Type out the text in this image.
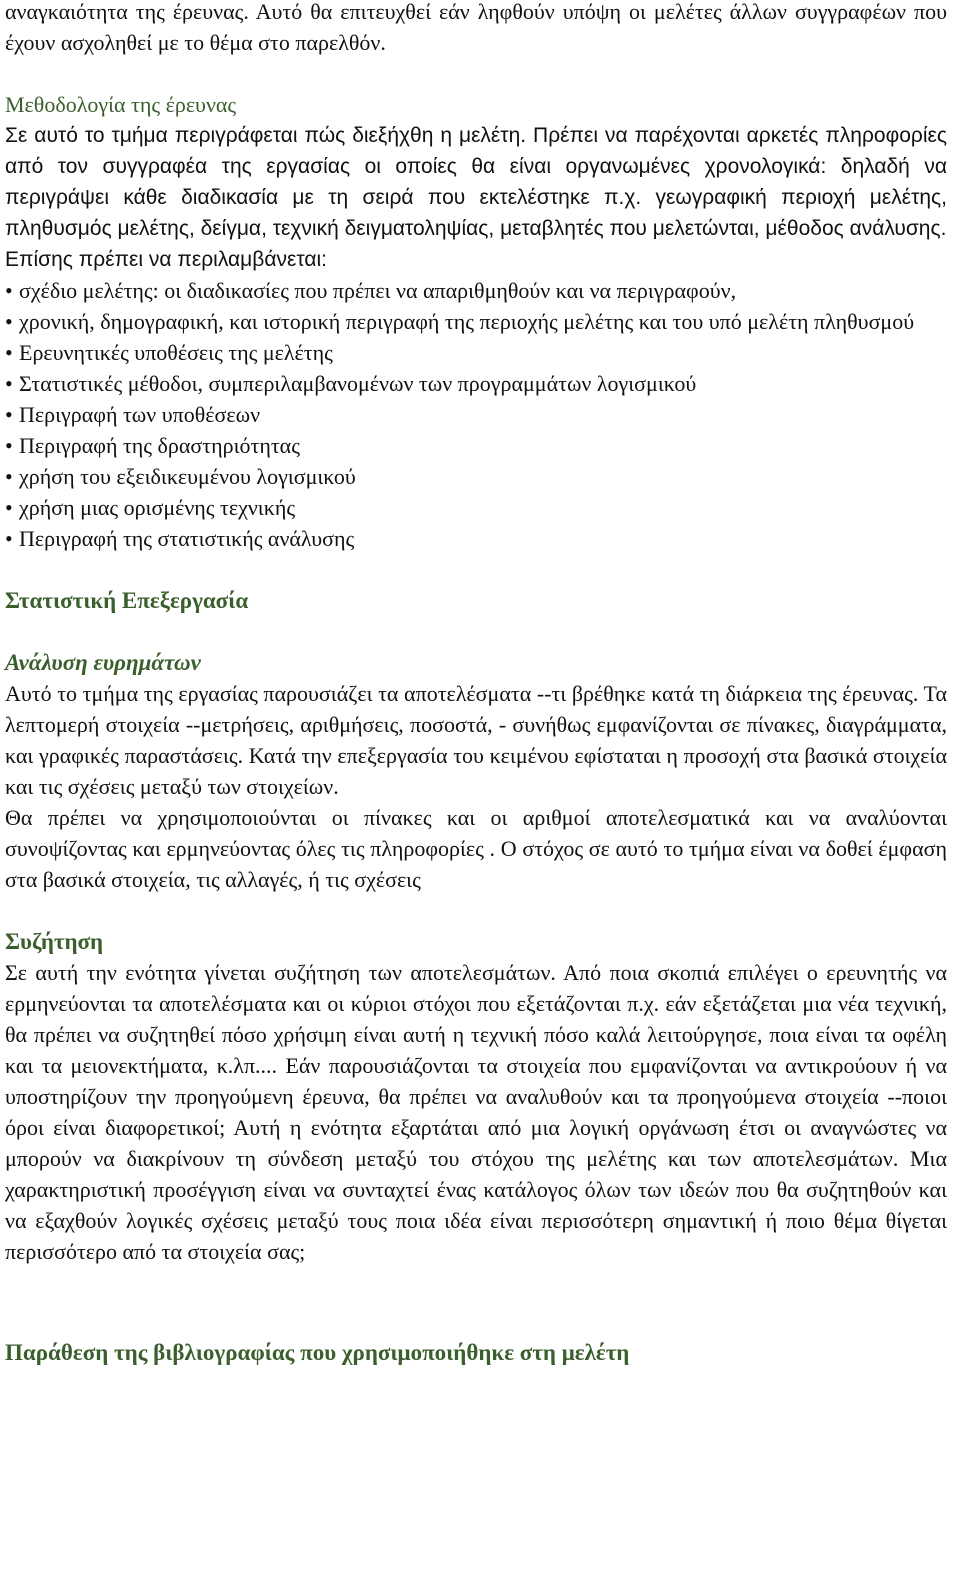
αναγκαιότητα της έρευνας. Αυτό θα επιτευχθεί εάν ληφθούν υπόψη οι μελέτες άλλων συγγραφέων που έχουν ασχοληθεί με το θέμα στο παρελθόν.

Μεθοδολογία της έρευνας

Σε αυτό το τμήμα περιγράφεται πώς διεξήχθη η μελέτη. Πρέπει να παρέχονται αρκετές πληροφορίες από τον συγγραφέα της εργασίας οι οποίες θα είναι οργανωμένες χρονολογικά: δηλαδή να περιγράψει κάθε διαδικασία με τη σειρά που εκτελέστηκε π.χ. γεωγραφική περιοχή μελέτης, πληθυσμός μελέτης, δείγμα, τεχνική δειγματοληψίας, μεταβλητές που μελετώνται, μέθοδος ανάλυσης.

Επίσης πρέπει να περιλαμβάνεται:

• σχέδιο μελέτης: οι διαδικασίες που πρέπει να απαριθμηθούν και να περιγραφούν,
• χρονική, δημογραφική, και ιστορική περιγραφή της περιοχής μελέτης και του υπό μελέτη πληθυσμού
• Ερευνητικές υποθέσεις της μελέτης
• Στατιστικές μέθοδοι, συμπεριλαμβανομένων των προγραμμάτων λογισμικού
• Περιγραφή των υποθέσεων
• Περιγραφή της δραστηριότητας
• χρήση του εξειδικευμένου λογισμικού
• χρήση μιας ορισμένης τεχνικής
• Περιγραφή της στατιστικής ανάλυσης

Στατιστική Επεξεργασία

Ανάλυση ευρημάτων

Αυτό το τμήμα της εργασίας παρουσιάζει τα αποτελέσματα --τι βρέθηκε κατά τη διάρκεια της έρευνας. Τα λεπτομερή στοιχεία --μετρήσεις, αριθμήσεις, ποσοστά, - συνήθως εμφανίζονται σε πίνακες, διαγράμματα, και γραφικές παραστάσεις. Κατά την επεξεργασία του κειμένου εφίσταται η προσοχή στα βασικά στοιχεία και τις σχέσεις μεταξύ των στοιχείων.

Θα πρέπει να χρησιμοποιούνται οι πίνακες και οι αριθμοί αποτελεσματικά και να αναλύονται συνοψίζοντας και ερμηνεύοντας όλες τις πληροφορίες . Ο στόχος σε αυτό το τμήμα είναι να δοθεί έμφαση στα βασικά στοιχεία, τις αλλαγές, ή τις σχέσεις

Συζήτηση

Σε αυτή την ενότητα γίνεται συζήτηση των αποτελεσμάτων. Από ποια σκοπιά επιλέγει ο ερευνητής να ερμηνεύονται τα αποτελέσματα και οι κύριοι στόχοι που εξετάζονται π.χ. εάν εξετάζεται μια νέα τεχνική, θα πρέπει να συζητηθεί πόσο χρήσιμη είναι αυτή η τεχνική πόσο καλά λειτούργησε, ποια είναι τα οφέλη και τα μειονεκτήματα, κ.λπ.... Εάν παρουσιάζονται τα στοιχεία που εμφανίζονται να αντικρούουν ή να υποστηρίζουν την προηγούμενη έρευνα, θα πρέπει να αναλυθούν και τα προηγούμενα στοιχεία --ποιοι όροι είναι διαφορετικοί; Αυτή η ενότητα εξαρτάται από μια λογική οργάνωση έτσι οι αναγνώστες να μπορούν να διακρίνουν τη σύνδεση μεταξύ του στόχου της μελέτης και των αποτελεσμάτων. Μια χαρακτηριστική προσέγγιση είναι να συνταχτεί ένας κατάλογος όλων των ιδεών που θα συζητηθούν και να εξαχθούν λογικές σχέσεις μεταξύ τους ποια ιδέα είναι περισσότερη σημαντική ή ποιο θέμα θίγεται περισσότερο από τα στοιχεία σας;

Παράθεση της βιβλιογραφίας που χρησιμοποιήθηκε στη μελέτη
